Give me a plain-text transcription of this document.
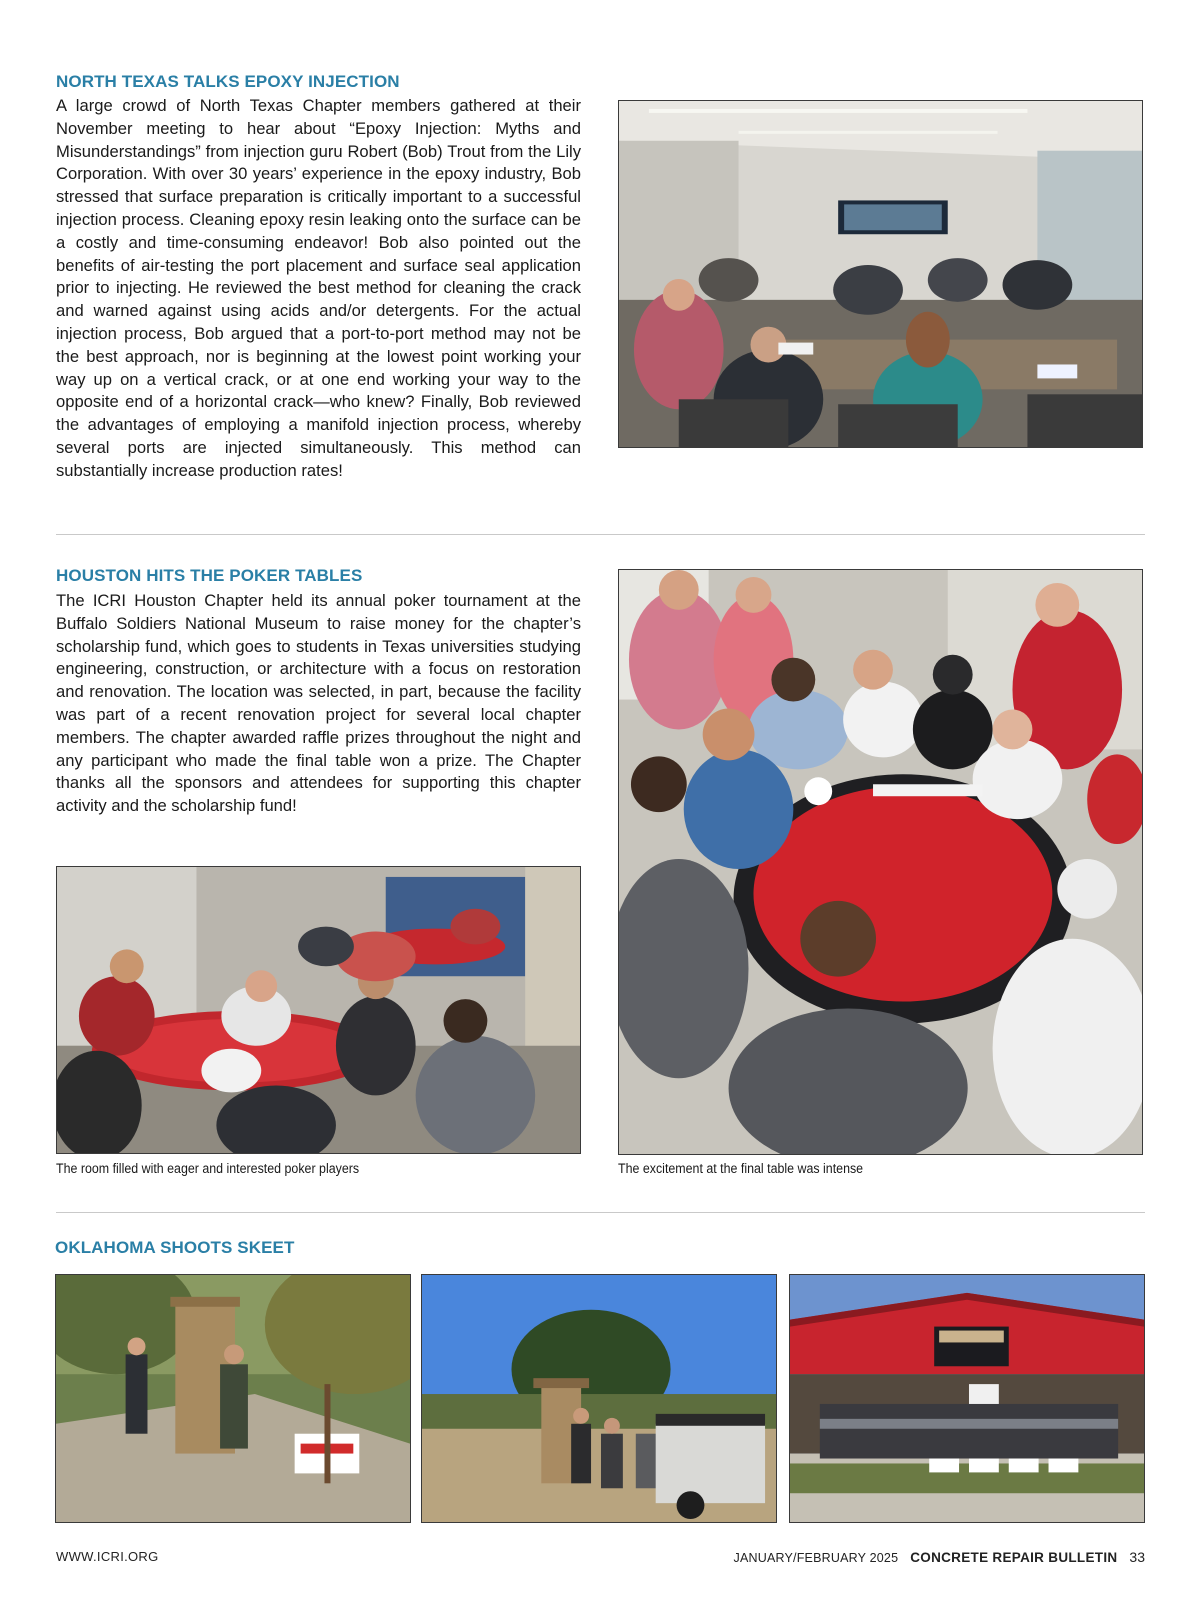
NORTH TEXAS TALKS EPOXY INJECTION

A large crowd of North Texas Chapter members gathered at their November meeting to hear about “Epoxy Injection: Myths and Misunderstandings” from injection guru Robert (Bob) Trout from the Lily Corporation. With over 30 years’ experience in the epoxy industry, Bob stressed that surface preparation is critically important to a successful injection process. Cleaning epoxy resin leaking onto the surface can be a costly and time-consuming endeavor! Bob also pointed out the benefits of air-testing the port placement and surface seal application prior to injecting. He reviewed the best method for cleaning the crack and warned against using acids and/or detergents. For the actual injection process, Bob argued that a port-to-port method may not be the best approach, nor is beginning at the lowest point working your way up on a vertical crack, or at one end working your way to the opposite end of a horizontal crack—who knew? Finally, Bob reviewed the advantages of employing a manifold injection process, whereby several ports are injected simultaneously. This method can substantially increase production rates!

HOUSTON HITS THE POKER TABLES

The ICRI Houston Chapter held its annual poker tournament at the Buffalo Soldiers National Museum to raise money for the chapter’s scholarship fund, which goes to students in Texas universities studying engineering, construction, or architecture with a focus on restoration and renovation. The location was selected, in part, because the facility was part of a recent renovation project for several local chapter members. The chapter awarded raffle prizes throughout the night and any participant who made the final table won a prize. The Chapter thanks all the sponsors and attendees for supporting this chapter activity and the scholarship fund!

The room filled with eager and interested poker players	The excitement at the final table was intense
OKLAHOMA SHOOTS SKEET
WWW.ICRI.ORG	JANUARY/FEBRUARY 2025 CONCRETE REPAIR BULLETIN 33
